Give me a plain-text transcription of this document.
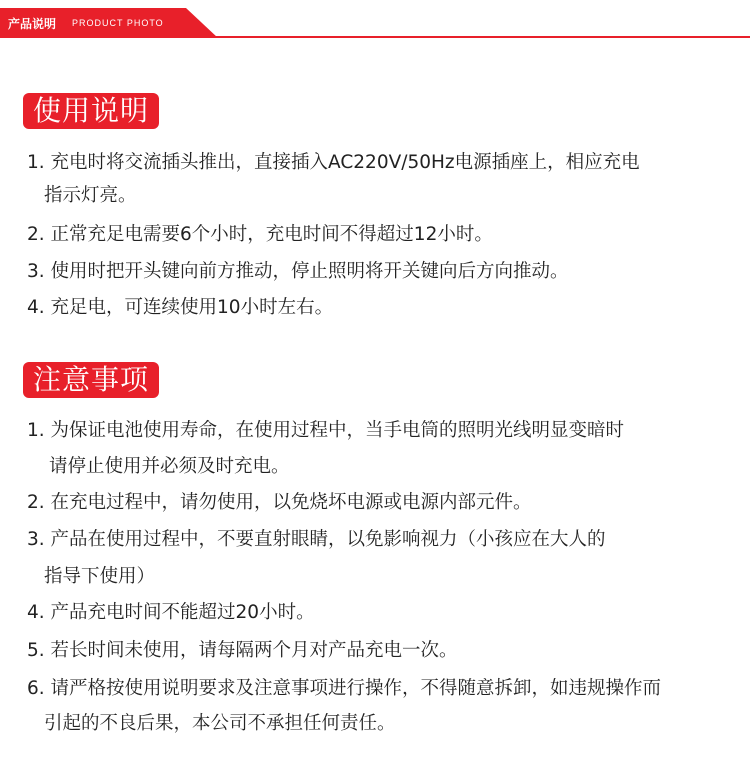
产品说明 PRODUCT PHOTO
使用说明
1. 充电时将交流插头推出，直接插入AC220V/50Hz电源插座上，相应充电
指示灯亮。
2. 正常充足电需要6个小时，充电时间不得超过12小时。
3. 使用时把开头键向前方推动，停止照明将开关键向后方向推动。
4. 充足电，可连续使用10小时左右。
注意事项
1. 为保证电池使用寿命，在使用过程中，当手电筒的照明光线明显变暗时
请停止使用并必须及时充电。
2. 在充电过程中，请勿使用，以免烧坏电源或电源内部元件。
3. 产品在使用过程中，不要直射眼睛，以免影响视力（小孩应在大人的
指导下使用）
4. 产品充电时间不能超过20小时。
5. 若长时间未使用，请每隔两个月对产品充电一次。
6. 请严格按使用说明要求及注意事项进行操作，不得随意拆卸，如违规操作而
引起的不良后果，本公司不承担任何责任。
